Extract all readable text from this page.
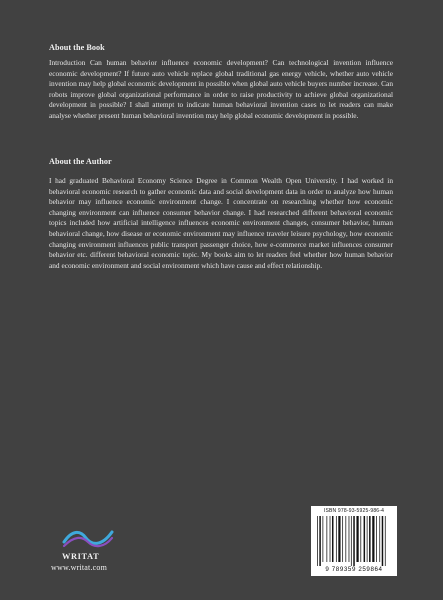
About the Book

Introduction Can human behavior influence economic development? Can technological invention influence economic development? If future auto vehicle replace global traditional gas energy vehicle, whether auto vehicle invention may help global economic development in possible when global auto vehicle buyers number increase. Can robots improve global organizational performance in order to raise productivity to achieve global organizational development in possible? I shall attempt to indicate human behavioral invention cases to let readers can make analyse whether present human behavioral invention may help global economic development in possible.

About the Author

I had graduated Behavioral Economy Science Degree in Common Wealth Open University. I had worked in behavioral economic research to gather economic data and social development data in order to analyze how human behavior may influence economic environment change. I concentrate on researching whether how economic changing environment can influence consumer behavior change. I had researched different behavioral economic topics included how artificial intelligence influences economic environment changes, consumer behavior, human behavioral change, how disease or economic environment may influence traveler leisure psychology, how economic changing environment influences public transport passenger choice, how e-commerce market influences consumer behavior etc. different behavioral economic topic. My books aim to let readers feel whether how human behavior and economic environment and social environment which have cause and effect relationship.

WRITAT
www.writat.com
ISBN 978-93-5925-986-4
9 789359 259864
